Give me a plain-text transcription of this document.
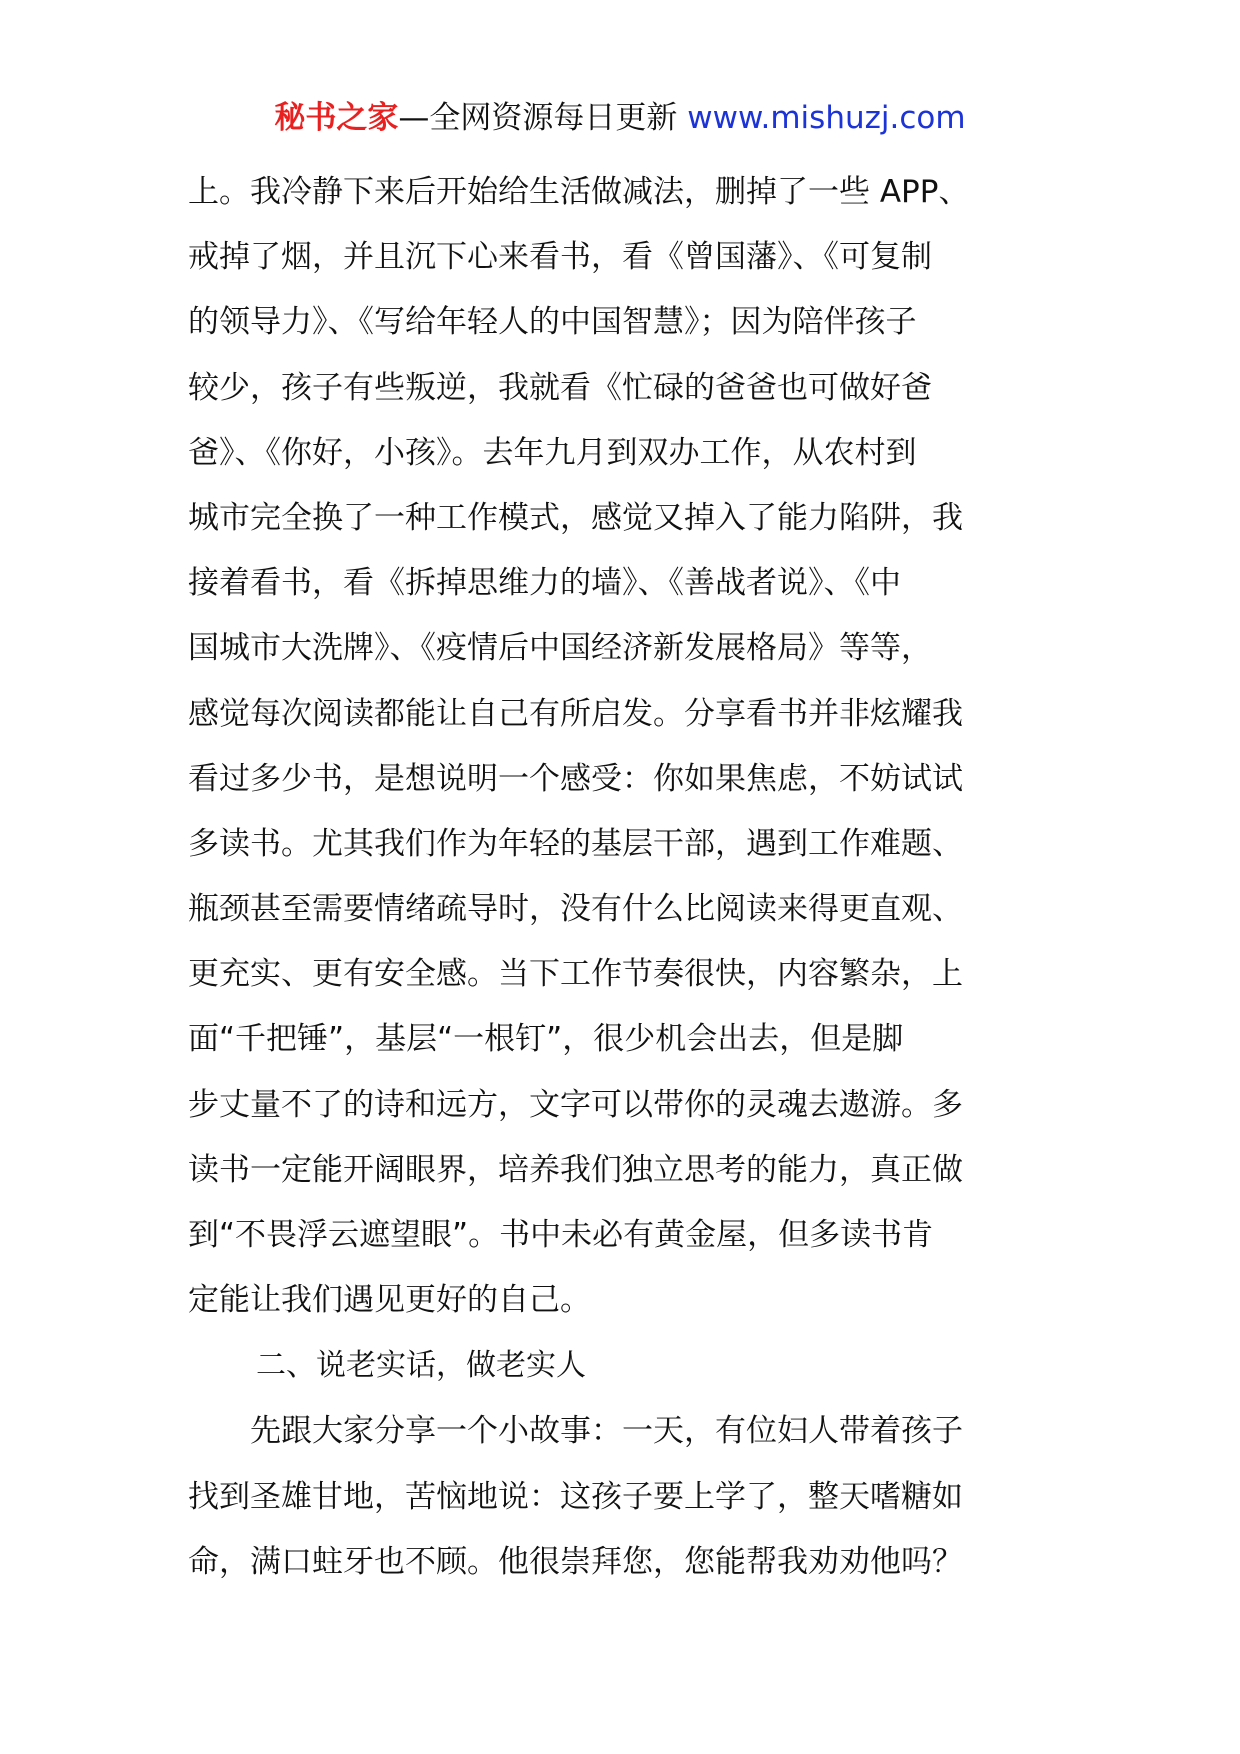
秘书之家—全网资源每日更新 www.mishuzj.com
上。我冷静下来后开始给生活做减法，删掉了一些 APP、
戒掉了烟，并且沉下心来看书，看《曾国藩》、《可复制
的领导力》、《写给年轻人的中国智慧》；因为陪伴孩子
较少，孩子有些叛逆，我就看《忙碌的爸爸也可做好爸
爸》、《你好，小孩》。去年九月到双办工作，从农村到
城市完全换了一种工作模式，感觉又掉入了能力陷阱，我
接着看书，看《拆掉思维力的墙》、《善战者说》、《中
国城市大洗牌》、《疫情后中国经济新发展格局》等等，
感觉每次阅读都能让自己有所启发。分享看书并非炫耀我
看过多少书，是想说明一个感受：你如果焦虑，不妨试试
多读书。尤其我们作为年轻的基层干部，遇到工作难题、
瓶颈甚至需要情绪疏导时，没有什么比阅读来得更直观、
更充实、更有安全感。当下工作节奏很快，内容繁杂，上
面“千把锤”，基层“一根钉”，很少机会出去，但是脚
步丈量不了的诗和远方，文字可以带你的灵魂去遨游。多
读书一定能开阔眼界，培养我们独立思考的能力，真正做
到“不畏浮云遮望眼”。书中未必有黄金屋，但多读书肯
定能让我们遇见更好的自己。
二、说老实话，做老实人
　　先跟大家分享一个小故事：一天，有位妇人带着孩子
找到圣雄甘地，苦恼地说：这孩子要上学了，整天嗜糖如
命，满口蛀牙也不顾。他很崇拜您，您能帮我劝劝他吗？
